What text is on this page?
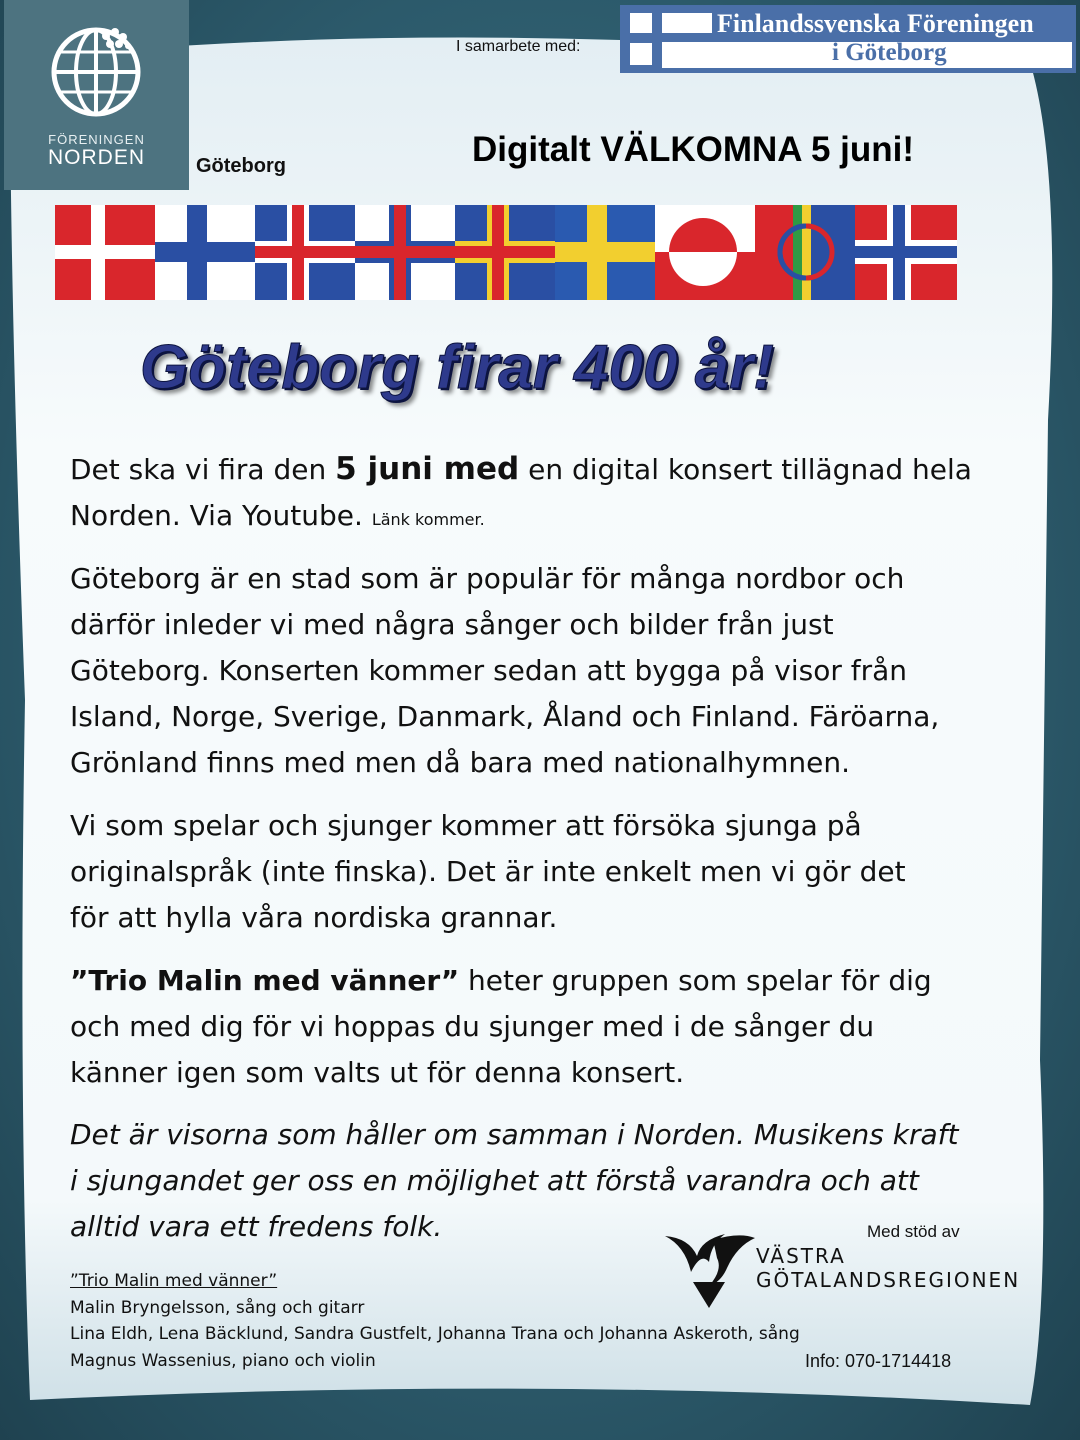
FÖRENINGEN
NORDEN	Göteborg
I samarbete med:
Finlandssvenska Föreningen
i Göteborg
Digitalt VÄLKOMNA 5 juni!
Göteborg firar 400 år!
Det ska vi fira den 5 juni med en digital konsert tillägnad hela
Norden. Via Youtube. Länk kommer.
Göteborg är en stad som är populär för många nordbor och
därför inleder vi med några sånger och bilder från just
Göteborg. Konserten kommer sedan att bygga på visor från
Island, Norge, Sverige, Danmark, Åland och Finland. Färöarna,
Grönland finns med men då bara med nationalhymnen.
Vi som spelar och sjunger kommer att försöka sjunga på
originalspråk (inte finska). Det är inte enkelt men vi gör det
för att hylla våra nordiska grannar.
”Trio Malin med vänner” heter gruppen som spelar för dig
och med dig för vi hoppas du sjunger med i de sånger du
känner igen som valts ut för denna konsert.
Det är visorna som håller om samman i Norden. Musikens kraft
i sjungandet ger oss en möjlighet att förstå varandra och att
alltid vara ett fredens folk.
”Trio Malin med vänner”
Malin Bryngelsson, sång och gitarr
Lina Eldh, Lena Bäcklund, Sandra Gustfelt, Johanna Trana och Johanna Askeroth, sång
Magnus Wassenius, piano och violin
Med stöd av
VÄSTRA
GÖTALANDSREGIONEN
Info: 070-1714418
